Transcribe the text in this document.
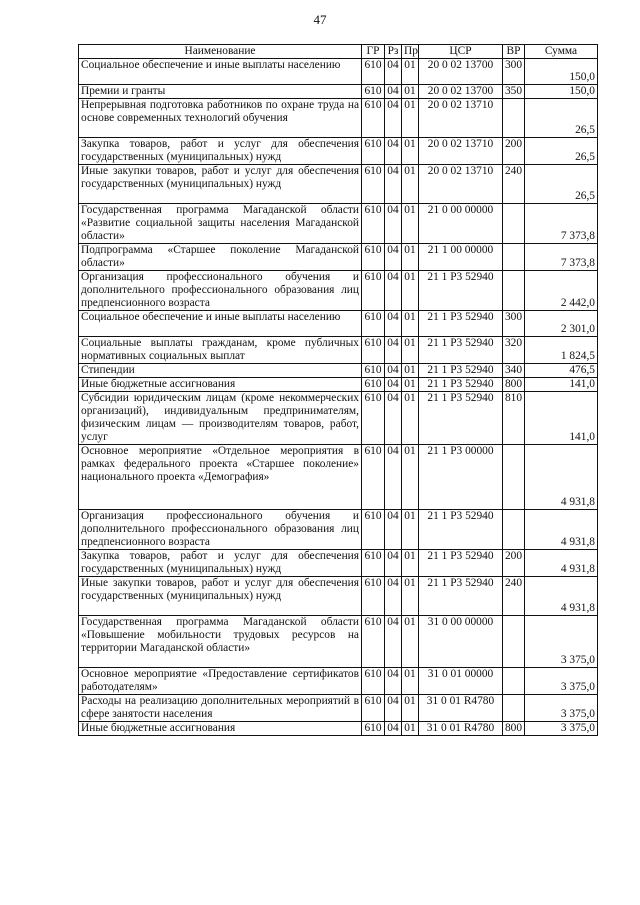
47
Наименование	ГР	Рз	Пр	ЦСР	ВР	Сумма
Социальное обеспечение и иные выплаты населению	610	04	01	20 0 02 13700	300	150,0
Премии и гранты	610	04	01	20 0 02 13700	350	150,0
Непрерывная подготовка работников по охране труда на основе современных технологий обучения	610	04	01	20 0 02 13710		26,5
Закупка товаров, работ и услуг для обеспечения государственных (муниципальных) нужд	610	04	01	20 0 02 13710	200	26,5
Иные закупки товаров, работ и услуг для обеспечения государственных (муниципальных) нужд	610	04	01	20 0 02 13710	240	26,5
Государственная программа Магаданской области «Развитие социальной защиты населения Магаданской области»	610	04	01	21 0 00 00000		7 373,8
Подпрограмма «Старшее поколение Магаданской области»	610	04	01	21 1 00 00000		7 373,8
Организация профессионального обучения и дополнительного профессионального образования лиц предпенсионного возраста	610	04	01	21 1 P3 52940		2 442,0
Социальное обеспечение и иные выплаты населению	610	04	01	21 1 P3 52940	300	2 301,0
Социальные выплаты гражданам, кроме публичных нормативных социальных выплат	610	04	01	21 1 P3 52940	320	1 824,5
Стипендии	610	04	01	21 1 P3 52940	340	476,5
Иные бюджетные ассигнования	610	04	01	21 1 P3 52940	800	141,0
Субсидии юридическим лицам (кроме некоммерческих организаций), индивидуальным предпринимателям, физическим лицам — производителям товаров, работ, услуг	610	04	01	21 1 P3 52940	810	141,0
Основное мероприятие «Отдельное мероприятия в рамках федерального проекта «Старшее поколение» национального проекта «Демография»	610	04	01	21 1 P3 00000		4 931,8
Организация профессионального обучения и дополнительного профессионального образования лиц предпенсионного возраста	610	04	01	21 1 P3 52940		4 931,8
Закупка товаров, работ и услуг для обеспечения государственных (муниципальных) нужд	610	04	01	21 1 P3 52940	200	4 931,8
Иные закупки товаров, работ и услуг для обеспечения государственных (муниципальных) нужд	610	04	01	21 1 P3 52940	240	4 931,8
Государственная программа Магаданской области «Повышение мобильности трудовых ресурсов на территории Магаданской области»	610	04	01	31 0 00 00000		3 375,0
Основное мероприятие «Предоставление сертификатов работодателям»	610	04	01	31 0 01 00000		3 375,0
Расходы на реализацию дополнительных мероприятий в сфере занятости населения	610	04	01	31 0 01 R4780		3 375,0
Иные бюджетные ассигнования	610	04	01	31 0 01 R4780	800	3 375,0
